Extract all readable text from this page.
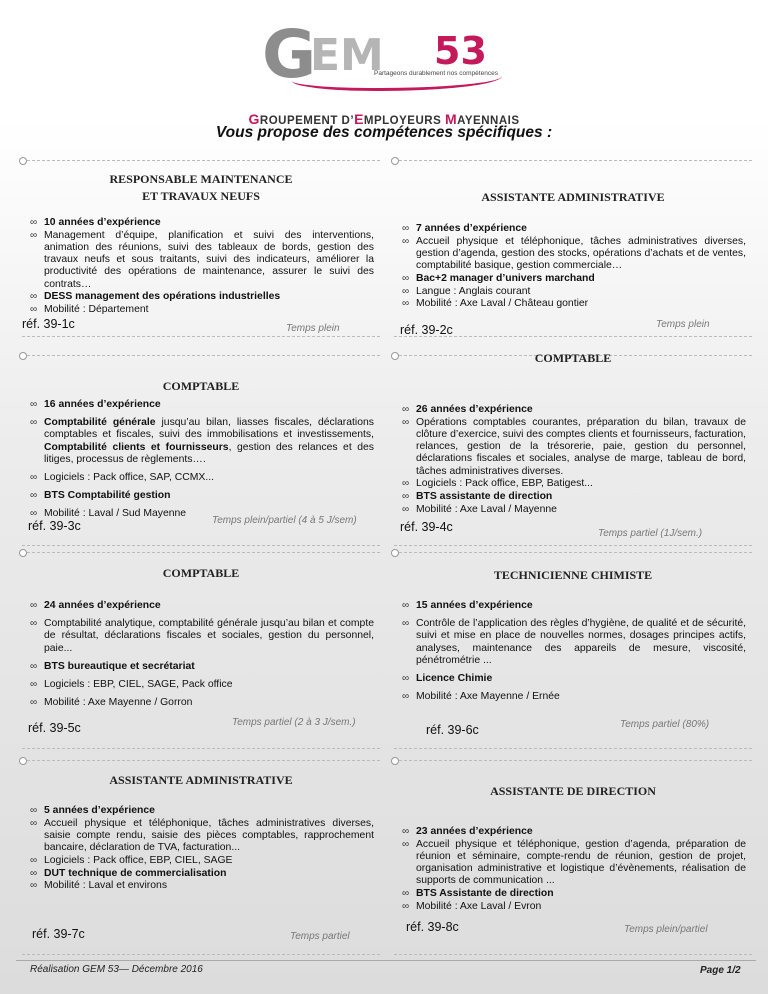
G
EM 53
Partageons durablement nos compétences
GROUPEMENT D’EMPLOYEURS MAYENNAIS
Vous propose des compétences spécifiques :
RESPONSABLE MAINTENANCE
ET TRAVAUX NEUFS
∞ 10 années d’expérience
∞ Management d’équipe, planification et suivi des interventions, animation des réunions, suivi des tableaux de bords, gestion des travaux neufs et sous traitants, suivi des indicateurs, améliorer la productivité des opérations de maintenance, assurer le suivi des contrats…
∞ DESS management des opérations industrielles
∞ Mobilité : Département
réf. 39-1c	Temps plein
ASSISTANTE ADMINISTRATIVE
∞ 7 années d’expérience
∞ Accueil physique et téléphonique, tâches administratives diverses, gestion d’agenda, gestion des stocks, opérations d’achats et de ventes, comptabilité basique, gestion commerciale…
∞ Bac+2 manager d’univers marchand
∞ Langue : Anglais courant
∞ Mobilité : Axe Laval / Château gontier
réf. 39-2c	Temps plein
COMPTABLE
∞ 16 années d’expérience
∞ Comptabilité générale jusqu’au bilan, liasses fiscales, déclarations comptables et fiscales, suivi des immobilisations et investissements, Comptabilité clients et fournisseurs, gestion des relances et des litiges, processus de règlements….
∞ Logiciels : Pack office, SAP, CCMX...
∞ BTS Comptabilité gestion
∞ Mobilité : Laval / Sud Mayenne
réf. 39-3c	Temps plein/partiel (4 à 5 J/sem)
COMPTABLE
∞ 26 années d’expérience
∞ Opérations comptables courantes, préparation du bilan, travaux de clôture d’exercice, suivi des comptes clients et fournisseurs, facturation, relances, gestion de la trésorerie, paie, gestion du personnel, déclarations fiscales et sociales, analyse de marge, tableau de bord, tâches administratives diverses.
∞ Logiciels : Pack office, EBP, Batigest...
∞ BTS assistante de direction
∞ Mobilité : Axe Laval / Mayenne
réf. 39-4c	Temps partiel (1J/sem.)
COMPTABLE
∞ 24 années d’expérience
∞ Comptabilité analytique, comptabilité générale jusqu’au bilan et compte de résultat, déclarations fiscales et sociales, gestion du personnel, paie...
∞ BTS bureautique et secrétariat
∞ Logiciels : EBP, CIEL, SAGE, Pack office
∞ Mobilité : Axe Mayenne / Gorron
réf. 39-5c	Temps partiel (2 à 3 J/sem.)
TECHNICIENNE CHIMISTE
∞ 15 années d’expérience
∞ Contrôle de l’application des règles d’hygiène, de qualité et de sécurité, suivi et mise en place de nouvelles normes, dosages principes actifs, analyses, maintenance des appareils de mesure, viscosité, pénétrométrie ...
∞ Licence Chimie
∞ Mobilité : Axe Mayenne / Ernée
réf. 39-6c	Temps partiel (80%)
ASSISTANTE ADMINISTRATIVE
∞ 5 années d’expérience
∞ Accueil physique et téléphonique, tâches administratives diverses, saisie compte rendu, saisie des pièces comptables, rapprochement bancaire, déclaration de TVA, facturation...
∞ Logiciels : Pack office, EBP, CIEL, SAGE
∞ DUT technique de commercialisation
∞ Mobilité : Laval et environs
réf. 39-7c	Temps partiel
ASSISTANTE DE DIRECTION
∞ 23 années d’expérience
∞ Accueil physique et téléphonique, gestion d’agenda, préparation de réunion et séminaire, compte-rendu de réunion, gestion de projet, organisation administrative et logistique d’évènements, réalisation de supports de communication ...
∞ BTS Assistante de direction
∞ Mobilité : Axe Laval / Evron
réf. 39-8c	Temps plein/partiel
Réalisation GEM 53— Décembre 2016	Page 1/2
